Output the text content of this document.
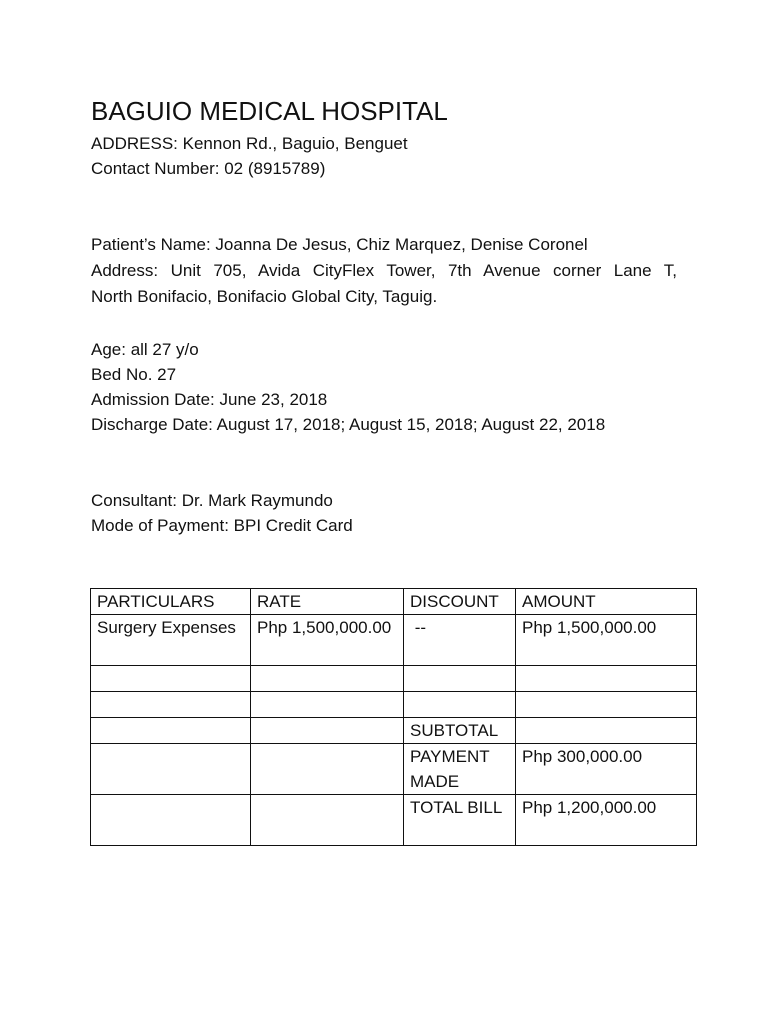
BAGUIO MEDICAL HOSPITAL
ADDRESS: Kennon Rd., Baguio, Benguet
Contact Number: 02 (8915789)
Patient’s Name: Joanna De Jesus, Chiz Marquez, Denise Coronel
Address: Unit 705, Avida CityFlex Tower, 7th Avenue corner Lane T,
North Bonifacio, Bonifacio Global City, Taguig.
Age: all 27 y/o
Bed No. 27
Admission Date: June 23, 2018
Discharge Date: August 17, 2018; August 15, 2018; August 22, 2018
Consultant: Dr. Mark Raymundo
Mode of Payment: BPI Credit Card
PARTICULARS	RATE	DISCOUNT	AMOUNT
Surgery Expenses	Php 1,500,000.00	--	Php 1,500,000.00

		SUBTOTAL	
		PAYMENT MADE	Php 300,000.00
		TOTAL BILL	Php 1,200,000.00
